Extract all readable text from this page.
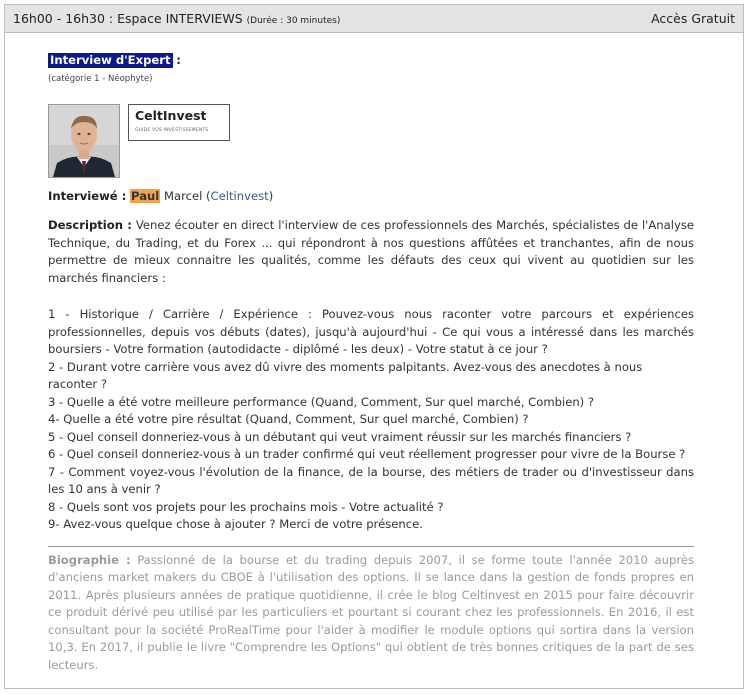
16h00 - 16h30 : Espace INTERVIEWS (Durée : 30 minutes)	Accès Gratuit
Interview d'Expert :
(catégorie 1 - Néophyte)
CeltInvest
GUIDE VOS INVESTISSEMENTS
Interviewé : Paul Marcel (Celtinvest)
Description : Venez écouter en direct l'interview de ces professionnels des Marchés, spécialistes de l'Analyse Technique, du Trading, et du Forex ... qui répondront à nos questions affûtées et tranchantes, afin de nous permettre de mieux connaitre les qualités, comme les défauts des ceux qui vivent au quotidien sur les marchés financiers :
1 - Historique / Carrière / Expérience : Pouvez-vous nous raconter votre parcours et expériences professionnelles, depuis vos débuts (dates), jusqu'à aujourd'hui - Ce qui vous a intéressé dans les marchés boursiers - Votre formation (autodidacte - diplômé - les deux) - Votre statut à ce jour ?
2 - Durant votre carrière vous avez dû vivre des moments palpitants. Avez-vous des anecdotes à nous raconter ?
3 - Quelle a été votre meilleure performance (Quand, Comment, Sur quel marché, Combien) ?
4- Quelle a été votre pire résultat (Quand, Comment, Sur quel marché, Combien) ?
5 - Quel conseil donneriez-vous à un débutant qui veut vraiment réussir sur les marchés financiers ?
6 - Quel conseil donneriez-vous à un trader confirmé qui veut réellement progresser pour vivre de la Bourse ?
7 - Comment voyez-vous l'évolution de la finance, de la bourse, des métiers de trader ou d'investisseur dans les 10 ans à venir ?
8 - Quels sont vos projets pour les prochains mois - Votre actualité ?
9- Avez-vous quelque chose à ajouter ? Merci de votre présence.
Biographie : Passionné de la bourse et du trading depuis 2007, il se forme toute l'année 2010 auprès d'anciens market makers du CBOE à l'utilisation des options. Il se lance dans la gestion de fonds propres en 2011. Après plusieurs années de pratique quotidienne, il crée le blog Celtinvest en 2015 pour faire découvrir ce produit dérivé peu utilisé par les particuliers et pourtant si courant chez les professionnels. En 2016, il est consultant pour la société ProRealTime pour l'aider à modifier le module options qui sortira dans la version 10,3. En 2017, il publie le livre "Comprendre les Options" qui obtient de très bonnes critiques de la part de ses lecteurs.
